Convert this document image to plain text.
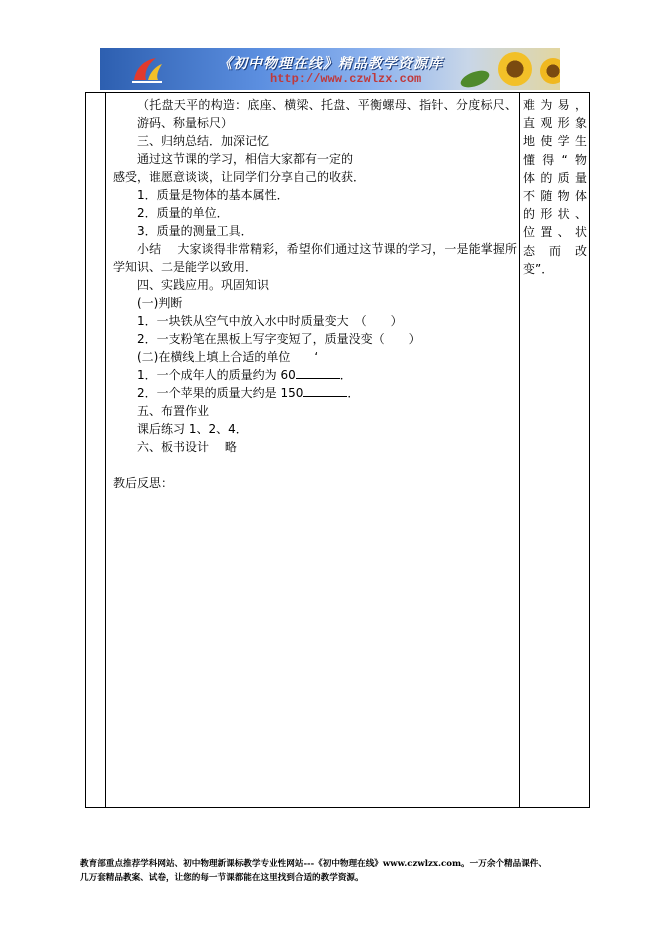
《初中物理在线》精品教学资源库
http://www.czwlzx.com

（托盘天平的构造：底座、横梁、托盘、平衡螺母、指针、分度标尺、游码、称量标尺）

三、归纳总结．加深记忆

通过这节课的学习，相信大家都有一定的

感受，谁愿意谈谈，让同学们分享自己的收获．

1．质量是物体的基本属性．

2．质量的单位．

3．质量的测量工具．

小结　 大家谈得非常精彩，希望你们通过这节课的学习，一是能掌握所学知识、二是能学以致用．

四、实践应用。巩固知识

(一)判断

1．一块铁从空气中放入水中时质量变大　（　　）

2．一支粉笔在黑板上写字变短了，质量没变（　　）

(二)在横线上填上合适的单位　　‘

1．一个成年人的质量约为 60	．

2．一个苹果的质量大约是 150	．

五、布置作业

课后练习 1、2、4．

六、板书设计　 略

教后反思：

难为易，
直观形象
地使学生
懂得“物
体的质量
不随物体
的形状、
位置、状
态　而　改
变”．
教育部重点推荐学科网站、初中物理新课标教学专业性网站---《初中物理在线》www.czwlzx.com。一万余个精品课件、
几万套精品教案、试卷，让您的每一节课都能在这里找到合适的教学资源。
